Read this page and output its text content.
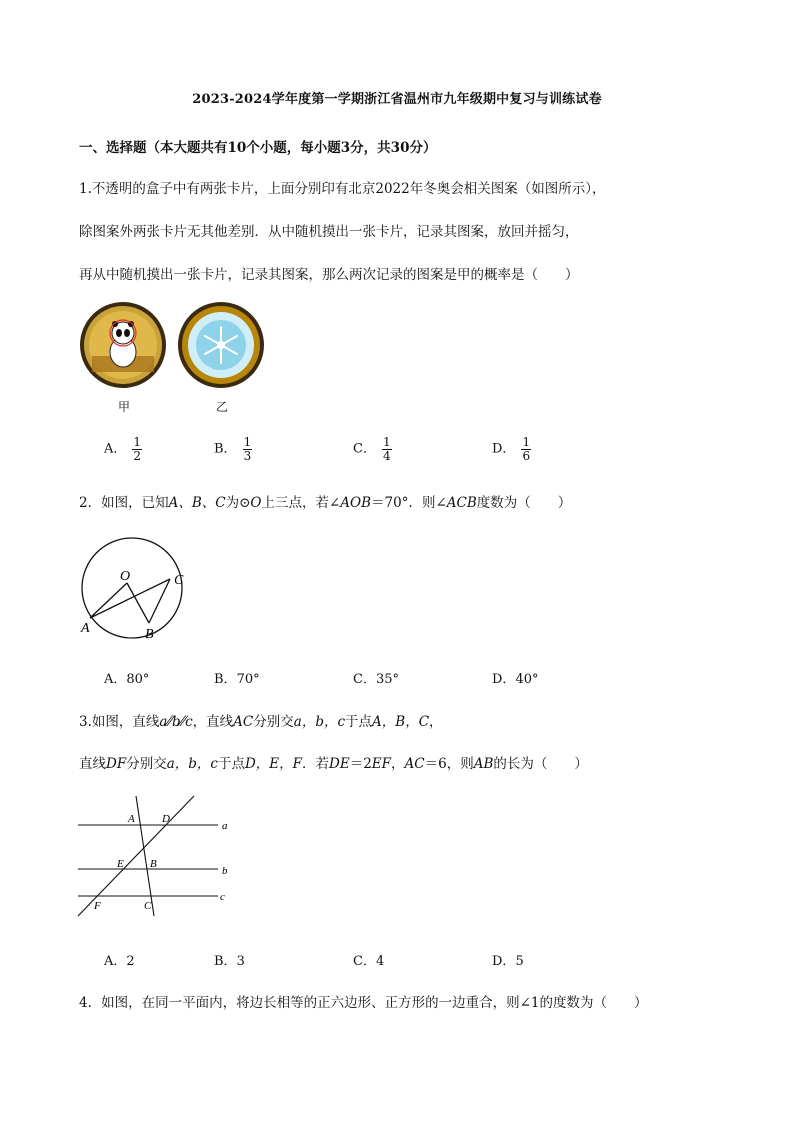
2023-2024学年度第一学期浙江省温州市九年级期中复习与训练试卷
一、选择题（本大题共有10个小题，每小题3分，共30分）
1.不透明的盒子中有两张卡片，上面分别印有北京2022年冬奥会相关图案（如图所示），
除图案外两张卡片无其他差别．从中随机摸出一张卡片，记录其图案，放回并摇匀，
再从中随机摸出一张卡片，记录其图案，那么两次记录的图案是甲的概率是（　　）
甲	乙
A． $\frac{1}{2}$	B． $\frac{1}{3}$	C． $\frac{1}{4}$	D． $\frac{1}{6}$
2．如图，已知A、B、C为⊙O上三点，若∠AOB＝70°．则∠ACB度数为（　　）
O
A	B
C
A．80°	B．70°	C．35°	D．40°
3.如图，直线a⁄⁄b⁄⁄c，直线AC分别交a，b，c于点A，B，C，
直线DF分别交a，b，c于点D，E，F．若DE＝2EF，AC＝6，则AB的长为（　　）
A D
a
E B
b
F	C
c
A．2	B．3	C．4	D．5
4．如图，在同一平面内，将边长相等的正六边形、正方形的一边重合，则∠1的度数为（　　）
